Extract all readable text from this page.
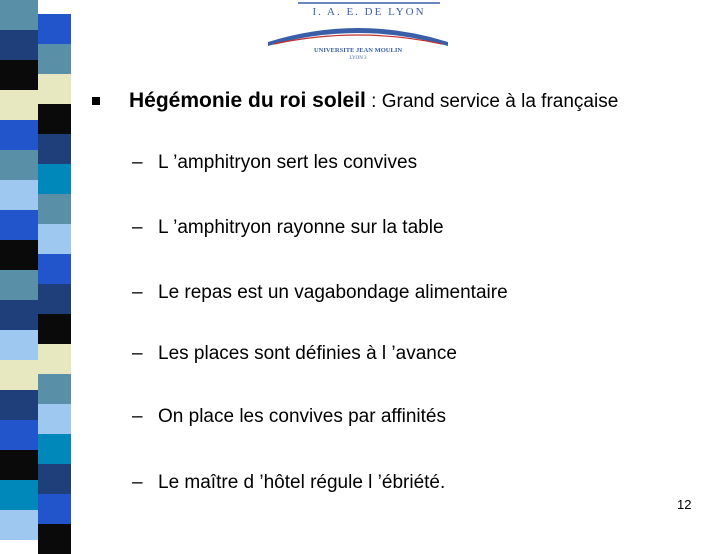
I. A. E. DE LYON
UNIVERSITE JEAN MOULIN
LYON 3
Hégémonie du roi soleil : Grand service à la française
– L ’amphitryon sert les convives
– L ’amphitryon rayonne sur la table
– Le repas est un vagabondage alimentaire
– Les places sont définies à l ’avance
– On place les convives par affinités
– Le maître d ’hôtel régule l ’ébriété.
12
